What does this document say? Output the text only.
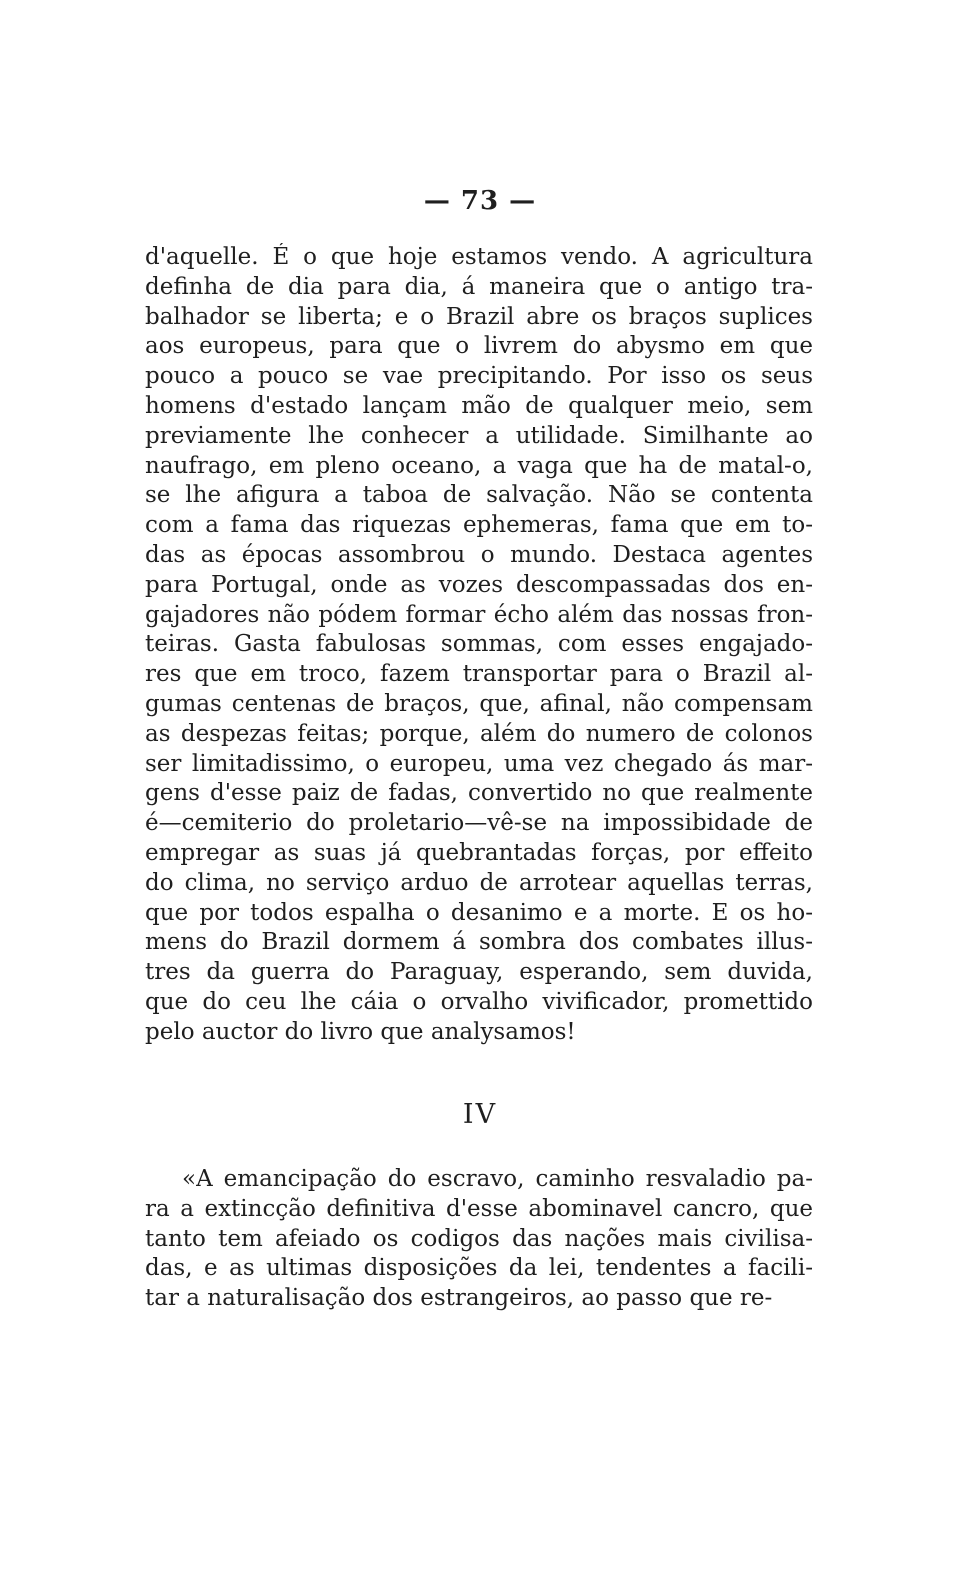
— 73 —
d'aquelle. É o que hoje estamos vendo. A agricultura
definha de dia para dia, á maneira que o antigo tra-
balhador se liberta; e o Brazil abre os braços suplices
aos europeus, para que o livrem do abysmo em que
pouco a pouco se vae precipitando. Por isso os seus
homens d'estado lançam mão de qualquer meio, sem
previamente lhe conhecer a utilidade. Similhante ao
naufrago, em pleno oceano, a vaga que ha de matal-o,
se lhe afigura a taboa de salvação. Não se contenta
com a fama das riquezas ephemeras, fama que em to-
das as épocas assombrou o mundo. Destaca agentes
para Portugal, onde as vozes descompassadas dos en-
gajadores não pódem formar écho além das nossas fron-
teiras. Gasta fabulosas sommas, com esses engajado-
res que em troco, fazem transportar para o Brazil al-
gumas centenas de braços, que, afinal, não compensam
as despezas feitas; porque, além do numero de colonos
ser limitadissimo, o europeu, uma vez chegado ás mar-
gens d'esse paiz de fadas, convertido no que realmente
é—cemiterio do proletario—vê-se na impossibidade de
empregar as suas já quebrantadas forças, por effeito
do clima, no serviço arduo de arrotear aquellas terras,
que por todos espalha o desanimo e a morte. E os ho-
mens do Brazil dormem á sombra dos combates illus-
tres da guerra do Paraguay, esperando, sem duvida,
que do ceu lhe cáia o orvalho vivificador, promettido
pelo auctor do livro que analysamos!
IV
«A emancipação do escravo, caminho resvaladio pa-
ra a extincção definitiva d'esse abominavel cancro, que
tanto tem afeiado os codigos das nações mais civilisa-
das, e as ultimas disposições da lei, tendentes a facili-
tar a naturalisação dos estrangeiros, ao passo que re-
